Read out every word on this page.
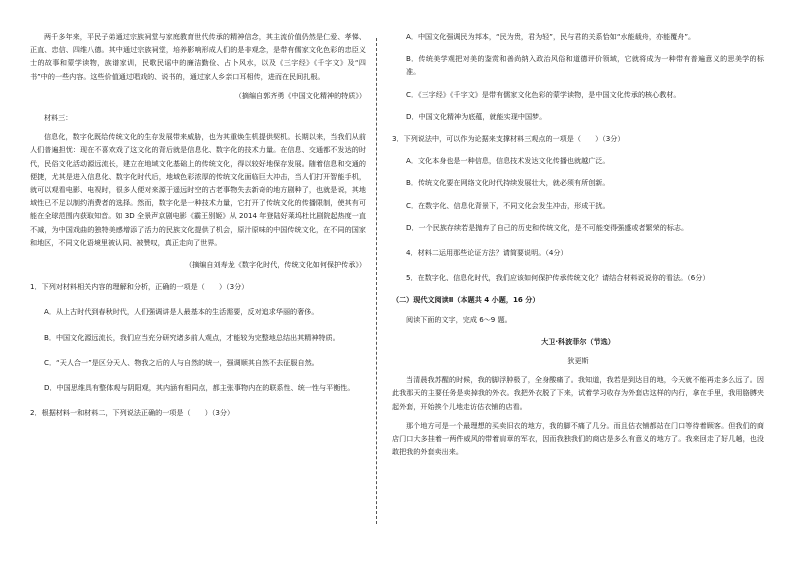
两千多年来，平民子弟通过宗族祠堂与家庭教育世代传承的精神信念，其主流价值仍然是仁爱、孝悌、正直、忠信、四维八德。其中通过宗族祠堂，培养影响形成人们的是非观念，是带有儒家文化色彩的忠臣义士的故事和蒙学读物，族谱家训，民歌民谣中的廉洁勤俭、占卜风水，以及《三字经》《千字文》及“四书”中的一些内容。这些价值通过唱戏的、说书的，通过家人乡亲口耳相传，进而在民间扎根。
（摘编自郭齐勇《中国文化精神的特质》）
材料三：
信息化，数字化既给传统文化的生存发展带来威胁，也为其重焕生机提供契机。长期以来，当我们从前人们普遍担忧：现在不喜欢戏了这文化的背后就是信息化、数字化的技术力量。在信息、交通都不发达的时代，民俗文化活动源远流长，建立在地域文化基础上的传统文化，得以较好地保存发展。随着信息和交通的便捷，尤其是进入信息化、数字化时代后，地域色彩浓厚的传统文化面临巨大冲击，当人们打开智能手机，就可以观看电影、电视时，很多人便对来源于遥远时空的古老事物失去新奇的地方剧种了，也就是说，其地域性已不足以制约消费者的选择。然而，数字化是一种技术力量，它打开了传统文化的传播限制，使其有可能在全球范围内获取知音。如 3D 全景声京剧电影《霸王别姬》从 2014 年登陆好莱坞杜比剧院起热度一直不减，为中国戏曲的独特美感增添了活力的民族文化提供了机会，原汁原味的中国传统文化，在不同的国家和地区，不同文化语境里被认同、被赞叹，真正走向了世界。
（摘编自刘寿龙《数字化时代，传统文化如何保护传承》）
1．下列对材料相关内容的理解和分析，正确的一项是（　　）（3分）
A．从上古时代到春秋时代，人们强调讲是人最基本的生活需要，反对追求华丽的奢侈。
B．中国文化源远流长，我们应当充分研究诸多前人观点，才能较为完整地总结出其精神特质。
C．“天人合一”是区分天人、物我之后的人与自然的统一，强调顺其自然不去征服自然。
D．中国思维具有整体观与阴阳观，其内涵有相同点，都主张事物内在的联系性、统一性与平衡性。
2．根据材料一和材料二，下列说法正确的一项是（　　）（3分）
A．中国文化强调民为邦本，“民为贵，君为轻”，民与君的关系恰如“水能载舟，亦能覆舟”。
B．传统美学观把对美的鉴赏和善尚纳入政治风俗和道德评价领域，它就将成为一种带有普遍意义的思美学的标准。
C．《三字经》《千字文》是带有儒家文化色彩的蒙学读物，是中国文化传承的核心教材。
D．中国文化精神为底蕴，就能实现中国梦。
3．下列说法中，可以作为论据来支撑材料三观点的一项是（　　）（3分）
A．文化本身也是一种信息，信息技术发达文化传播也就越广泛。
B．传统文化要在网络文化时代持续发展壮大，就必须有所创新。
C．在数字化、信息化背景下，不同文化会发生冲击，形成干扰。
D．一个民族存续若是抛弃了自己的历史和传统文化，是不可能变得强盛或者繁荣的标志。
4．材料二运用那些论证方法？请简要说明。（4分）
5．在数字化、信息化时代，我们应该如何保护传承传统文化？请结合材料说说你的看法。（6分）
（二）现代文阅读Ⅱ（本题共 4 小题，16 分）
阅读下面的文字，完成 6～9 题。
大卫·科波菲尔（节选）
狄更斯
当清晨我苏醒的时候，我的脚浮肿极了，全身酸痛了。我知道，我若是到达目的地，今天就不能再走多么远了。因此我那天的主要任务是卖掉我的外衣。我把外衣脱了下来，试着学习收存为外套店这样的内行，拿在手里，我用胳膊夹起外套，开始挨个儿地走访估衣铺的店看。
那个地方可是一个最理想的买卖旧衣的地方，我的脚不痛了几分。而且估衣铺都站在门口等待着顾客。但我们的商店门口大多挂着一两件威风的带着肩章的军衣，因而我独我们的商店是多么有意义的地方了。我来回走了好几趟，也没敢把我的外套卖出来。
